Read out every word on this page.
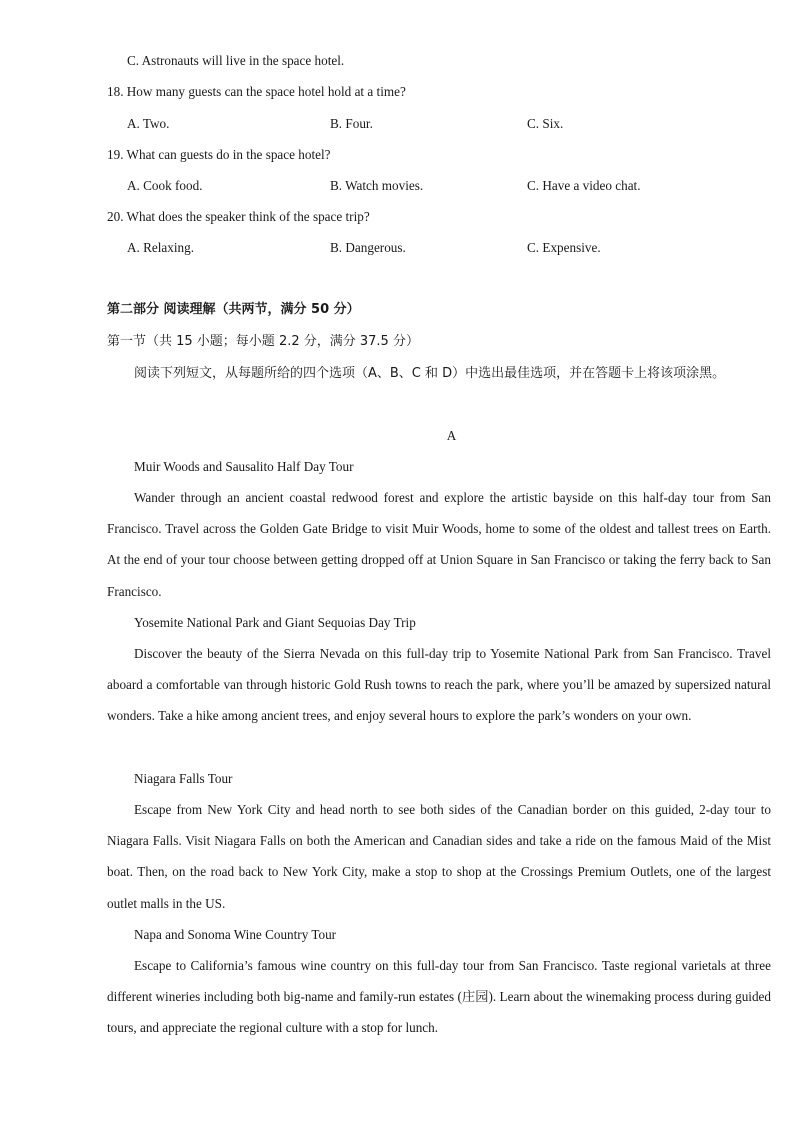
C. Astronauts will live in the space hotel.
18. How many guests can the space hotel hold at a time?
A. Two.	B. Four.	C. Six.
19. What can guests do in the space hotel?
A. Cook food.	B. Watch movies.	C. Have a video chat.
20. What does the speaker think of the space trip?
A. Relaxing.	B. Dangerous.	C. Expensive.
第二部分 阅读理解（共两节，满分 50 分）
第一节（共 15 小题；每小题 2.2 分，满分 37.5 分）
阅读下列短文，从每题所给的四个选项（A、B、C 和 D）中选出最佳选项，并在答题卡上将该项涂黑。
A
Muir Woods and Sausalito Half Day Tour
Wander through an ancient coastal redwood forest and explore the artistic bayside on this half-day tour from San Francisco. Travel across the Golden Gate Bridge to visit Muir Woods, home to some of the oldest and tallest trees on Earth. At the end of your tour choose between getting dropped off at Union Square in San Francisco or taking the ferry back to San Francisco.
Yosemite National Park and Giant Sequoias Day Trip
Discover the beauty of the Sierra Nevada on this full-day trip to Yosemite National Park from San Francisco. Travel aboard a comfortable van through historic Gold Rush towns to reach the park, where you’ll be amazed by supersized natural wonders. Take a hike among ancient trees, and enjoy several hours to explore the park’s wonders on your own.
Niagara Falls Tour
Escape from New York City and head north to see both sides of the Canadian border on this guided, 2-day tour to Niagara Falls. Visit Niagara Falls on both the American and Canadian sides and take a ride on the famous Maid of the Mist boat. Then, on the road back to New York City, make a stop to shop at the Crossings Premium Outlets, one of the largest outlet malls in the US.
Napa and Sonoma Wine Country Tour
Escape to California’s famous wine country on this full-day tour from San Francisco. Taste regional varietals at three different wineries including both big-name and family-run estates (庄园). Learn about the winemaking process during guided tours, and appreciate the regional culture with a stop for lunch.
